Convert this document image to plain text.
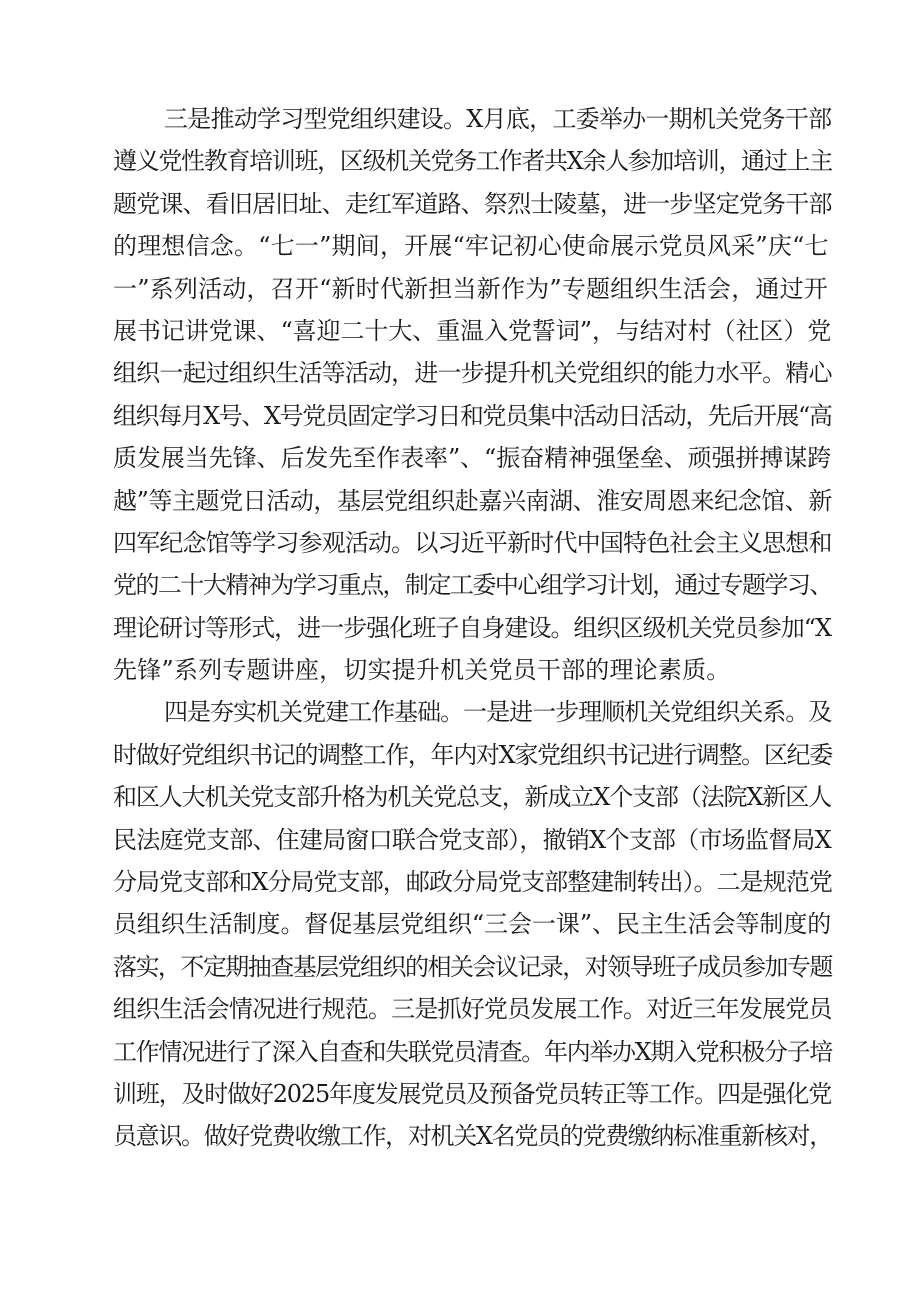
三是推动学习型党组织建设。X月底，工委举办一期机关党务干部
遵义党性教育培训班，区级机关党务工作者共X余人参加培训，通过上主
题党课、看旧居旧址、走红军道路、祭烈士陵墓，进一步坚定党务干部
的理想信念。“七一”期间，开展“牢记初心使命展示党员风采”庆“七
一”系列活动，召开“新时代新担当新作为”专题组织生活会，通过开
展书记讲党课、“喜迎二十大、重温入党誓词”，与结对村（社区）党
组织一起过组织生活等活动，进一步提升机关党组织的能力水平。精心
组织每月X号、X号党员固定学习日和党员集中活动日活动，先后开展“高
质发展当先锋、后发先至作表率”、“振奋精神强堡垒、顽强拼搏谋跨
越”等主题党日活动，基层党组织赴嘉兴南湖、淮安周恩来纪念馆、新
四军纪念馆等学习参观活动。以习近平新时代中国特色社会主义思想和
党的二十大精神为学习重点，制定工委中心组学习计划，通过专题学习、
理论研讨等形式，进一步强化班子自身建设。组织区级机关党员参加“X
先锋”系列专题讲座，切实提升机关党员干部的理论素质。
四是夯实机关党建工作基础。一是进一步理顺机关党组织关系。及
时做好党组织书记的调整工作，年内对X家党组织书记进行调整。区纪委
和区人大机关党支部升格为机关党总支，新成立X个支部（法院X新区人
民法庭党支部、住建局窗口联合党支部），撤销X个支部（市场监督局X
分局党支部和X分局党支部，邮政分局党支部整建制转出）。二是规范党
员组织生活制度。督促基层党组织“三会一课”、民主生活会等制度的
落实，不定期抽查基层党组织的相关会议记录，对领导班子成员参加专题
组织生活会情况进行规范。三是抓好党员发展工作。对近三年发展党员
工作情况进行了深入自查和失联党员清查。年内举办X期入党积极分子培
训班，及时做好2025年度发展党员及预备党员转正等工作。四是强化党
员意识。做好党费收缴工作，对机关X名党员的党费缴纳标准重新核对，
